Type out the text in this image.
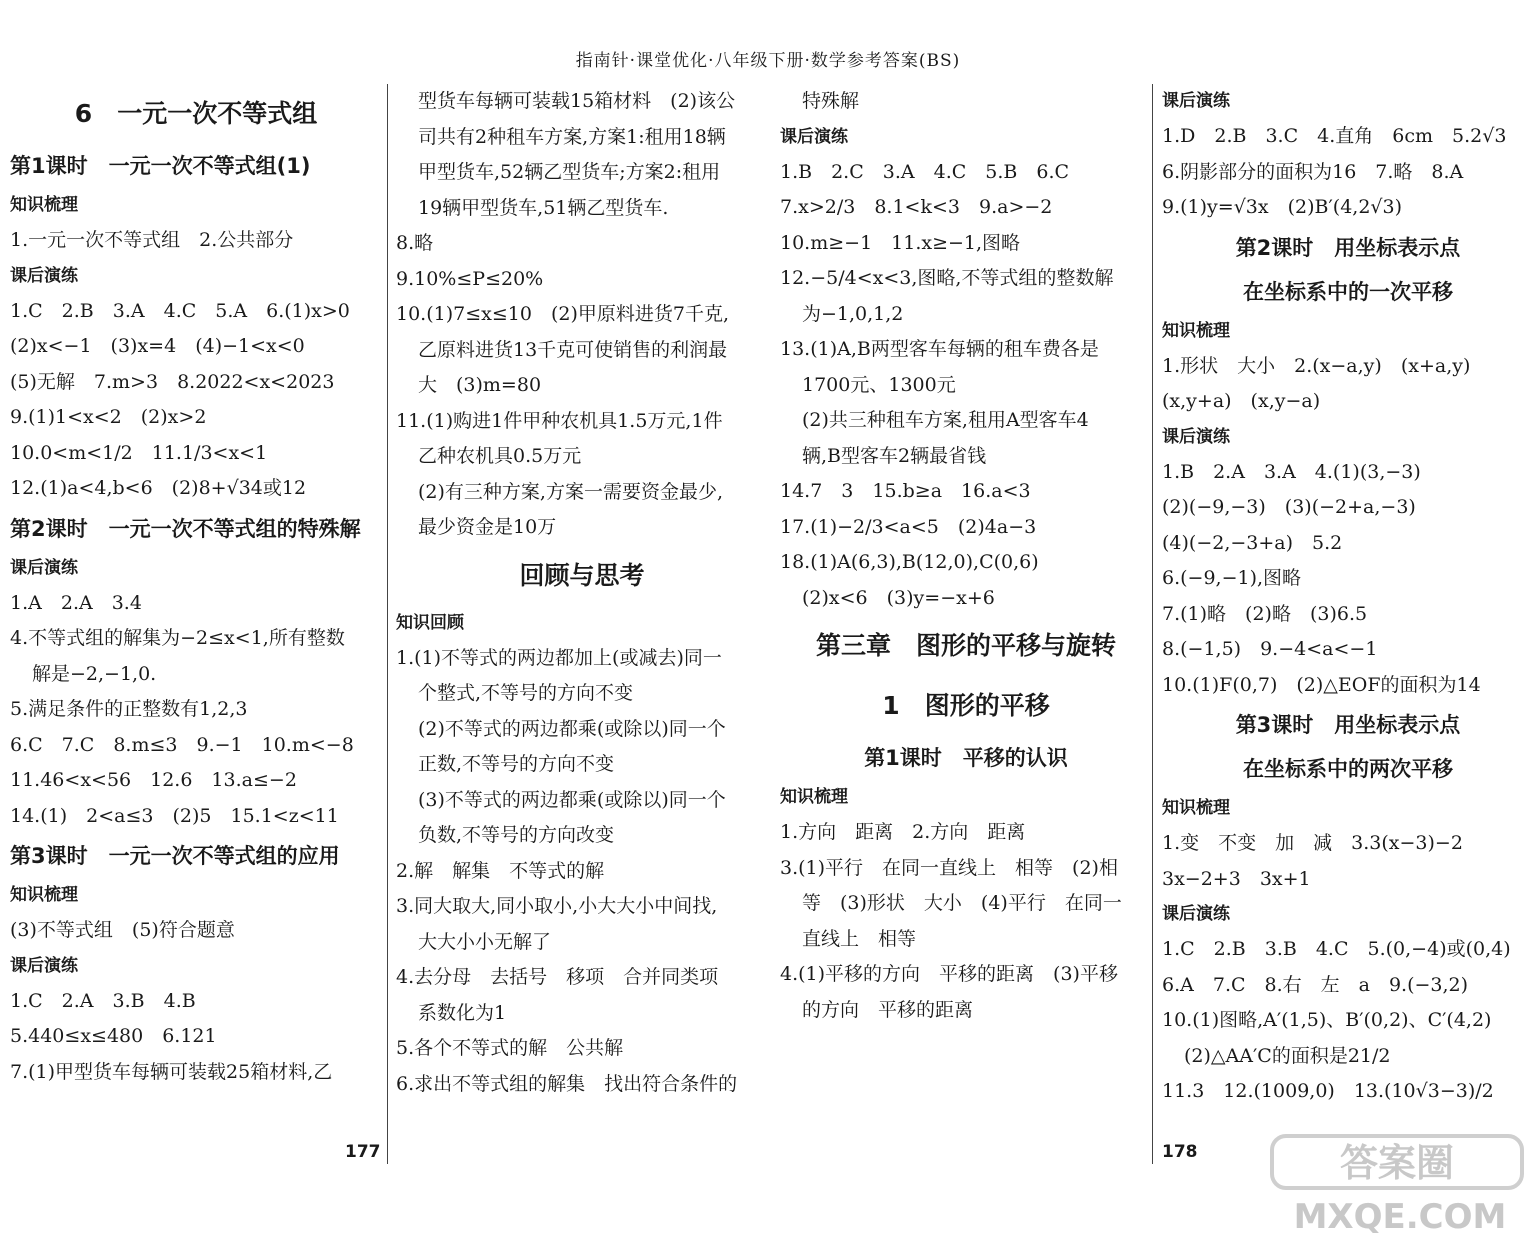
指南针·课堂优化·八年级下册·数学参考答案(BS)
6　一元一次不等式组
第1课时　一元一次不等式组(1)
知识梳理
1.一元一次不等式组　2.公共部分
课后演练
1.C　2.B　3.A　4.C　5.A　6.(1)x>0
(2)x<−1　(3)x=4　(4)−1<x<0
(5)无解　7.m>3　8.2022<x<2023
9.(1)1<x<2　(2)x>2
10.0<m<1/2　11.1/3<x<1
12.(1)a<4,b<6　(2)8+√34或12
第2课时　一元一次不等式组的特殊解
课后演练
1.A　2.A　3.4
4.不等式组的解集为−2≤x<1,所有整数
解是−2,−1,0.
5.满足条件的正整数有1,2,3
6.C　7.C　8.m≤3　9.−1　10.m<−8
11.46<x<56　12.6　13.a≤−2
14.(1)　2<a≤3　(2)5　15.1<z<11
第3课时　一元一次不等式组的应用
知识梳理
(3)不等式组　(5)符合题意
课后演练
1.C　2.A　3.B　4.B
5.440≤x≤480　6.121
7.(1)甲型货车每辆可装载25箱材料,乙
型货车每辆可装载15箱材料　(2)该公
司共有2种租车方案,方案1:租用18辆
甲型货车,52辆乙型货车;方案2:租用
19辆甲型货车,51辆乙型货车.
8.略
9.10%≤P≤20%
10.(1)7≤x≤10　(2)甲原料进货7千克,
乙原料进货13千克可使销售的利润最
大　(3)m=80
11.(1)购进1件甲种农机具1.5万元,1件
乙种农机具0.5万元
(2)有三种方案,方案一需要资金最少,
最少资金是10万
回顾与思考
知识回顾
1.(1)不等式的两边都加上(或减去)同一
个整式,不等号的方向不变
(2)不等式的两边都乘(或除以)同一个
正数,不等号的方向不变
(3)不等式的两边都乘(或除以)同一个
负数,不等号的方向改变
2.解　解集　不等式的解
3.同大取大,同小取小,小大大小中间找,
大大小小无解了
4.去分母　去括号　移项　合并同类项
系数化为1
5.各个不等式的解　公共解
6.求出不等式组的解集　找出符合条件的
特殊解
课后演练
1.B　2.C　3.A　4.C　5.B　6.C
7.x>2/3　8.1<k<3　9.a>−2
10.m≥−1　11.x≥−1,图略
12.−5/4<x<3,图略,不等式组的整数解
为−1,0,1,2
13.(1)A,B两型客车每辆的租车费各是
1700元、1300元
(2)共三种租车方案,租用A型客车4
辆,B型客车2辆最省钱
14.7　3　15.b≥a　16.a<3
17.(1)−2/3<a<5　(2)4a−3
18.(1)A(6,3),B(12,0),C(0,6)
(2)x<6　(3)y=−x+6
第三章　图形的平移与旋转
1　图形的平移
第1课时　平移的认识
知识梳理
1.方向　距离　2.方向　距离
3.(1)平行　在同一直线上　相等　(2)相
等　(3)形状　大小　(4)平行　在同一
直线上　相等
4.(1)平移的方向　平移的距离　(3)平移
的方向　平移的距离
课后演练
1.D　2.B　3.C　4.直角　6cm　5.2√3
6.阴影部分的面积为16　7.略　8.A
9.(1)y=√3x　(2)B′(4,2√3)
第2课时　用坐标表示点
在坐标系中的一次平移
知识梳理
1.形状　大小　2.(x−a,y)　(x+a,y)
(x,y+a)　(x,y−a)
课后演练
1.B　2.A　3.A　4.(1)(3,−3)
(2)(−9,−3)　(3)(−2+a,−3)
(4)(−2,−3+a)　5.2
6.(−9,−1),图略
7.(1)略　(2)略　(3)6.5
8.(−1,5)　9.−4<a<−1
10.(1)F(0,7)　(2)△EOF的面积为14
第3课时　用坐标表示点
在坐标系中的两次平移
知识梳理
1.变　不变　加　减　3.3(x−3)−2
3x−2+3　3x+1
课后演练
1.C　2.B　3.B　4.C　5.(0,−4)或(0,4)
6.A　7.C　8.右　左　a　9.(−3,2)
10.(1)图略,A′(1,5)、B′(0,2)、C′(4,2)
(2)△AA′C的面积是21/2
11.3　12.(1009,0)　13.(10√3−3)/2
177	178	答案圈
MXQE.COM
